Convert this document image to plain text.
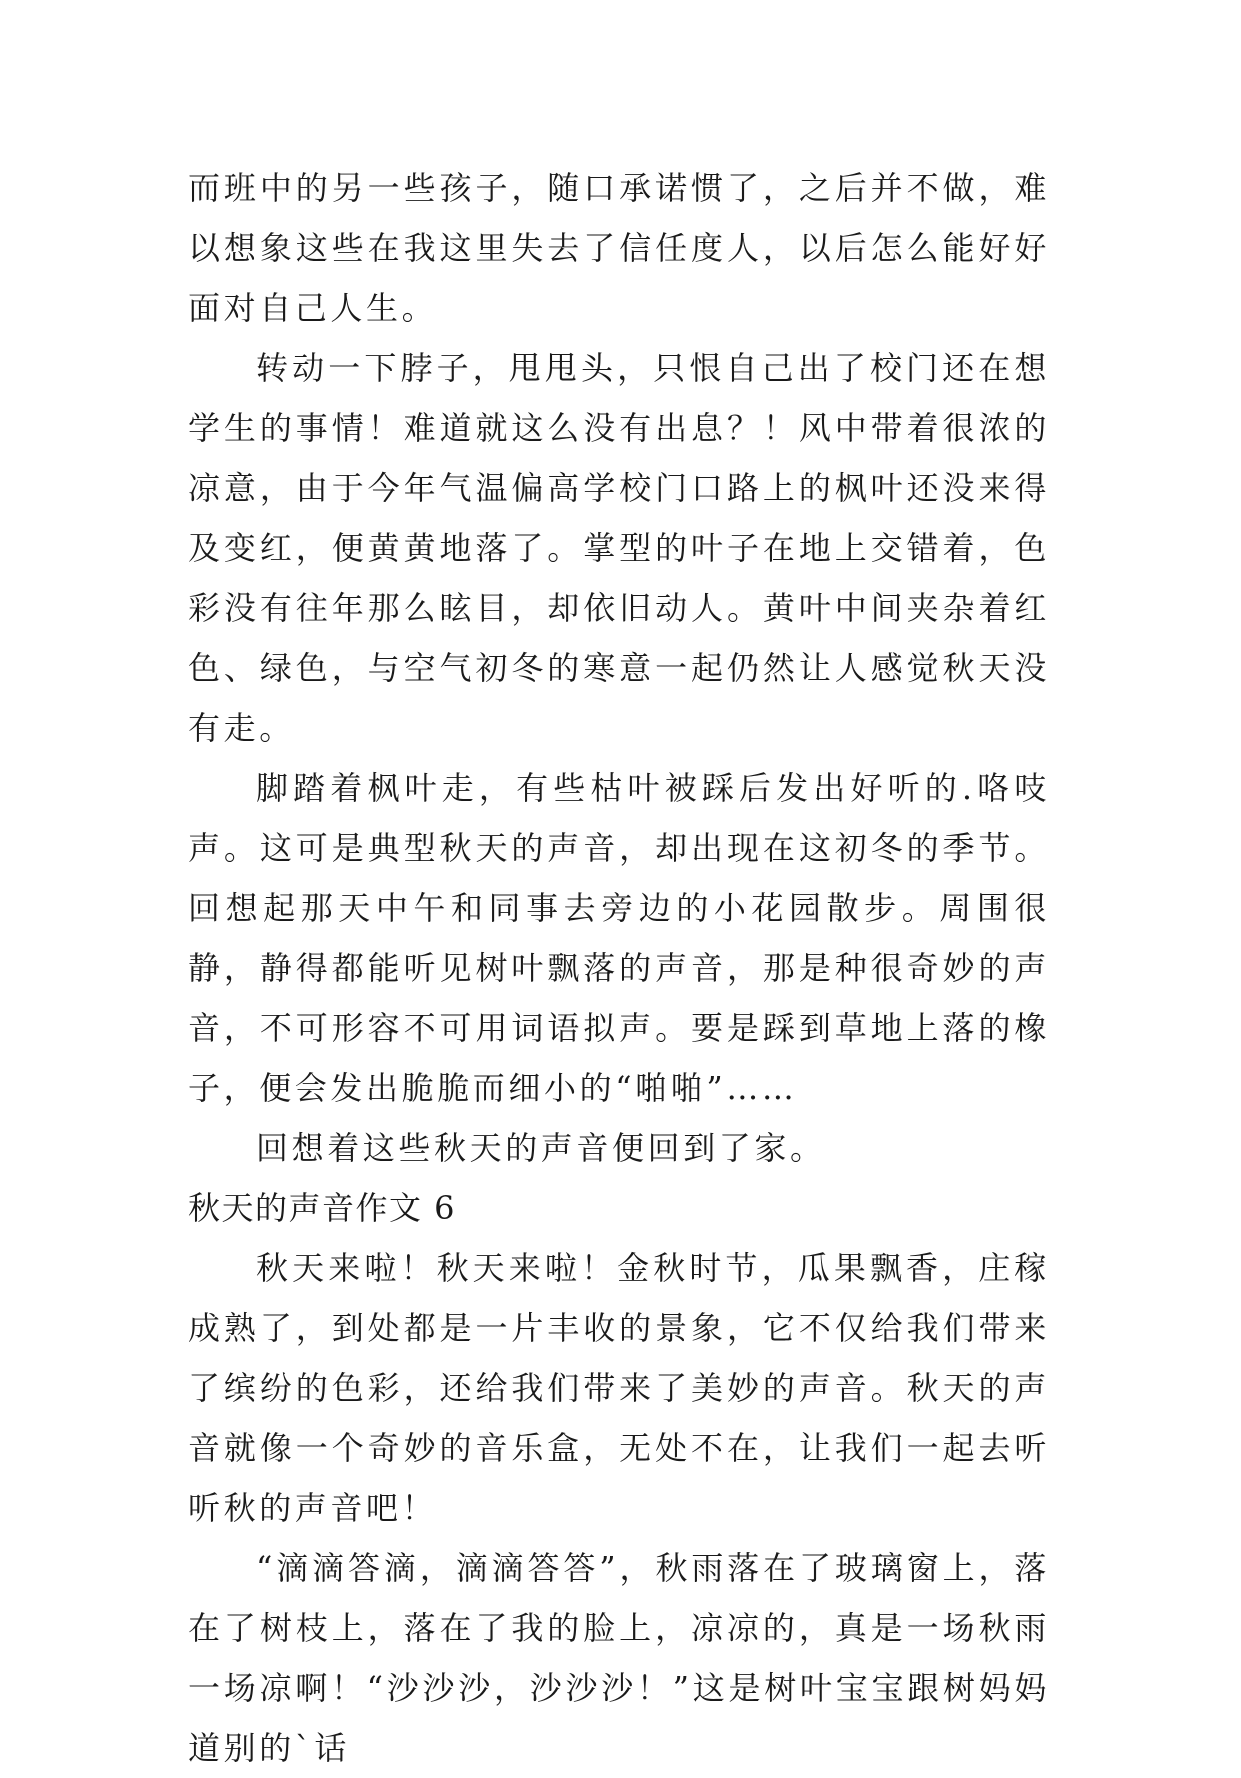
而班中的另一些孩子，随口承诺惯了，之后并不做，难以想象这些在我这里失去了信任度人，以后怎么能好好面对自己人生。

转动一下脖子，甩甩头，只恨自己出了校门还在想学生的事情！难道就这么没有出息？！风中带着很浓的凉意，由于今年气温偏高学校门口路上的枫叶还没来得及变红，便黄黄地落了。掌型的叶子在地上交错着，色彩没有往年那么眩目，却依旧动人。黄叶中间夹杂着红色、绿色，与空气初冬的寒意一起仍然让人感觉秋天没有走。

脚踏着枫叶走，有些枯叶被踩后发出好听的.咯吱声。这可是典型秋天的声音，却出现在这初冬的季节。回想起那天中午和同事去旁边的小花园散步。周围很静，静得都能听见树叶飘落的声音，那是种很奇妙的声音，不可形容不可用词语拟声。要是踩到草地上落的橡子，便会发出脆脆而细小的“啪啪”……

回想着这些秋天的声音便回到了家。

秋天的声音作文 6

秋天来啦！秋天来啦！金秋时节，瓜果飘香，庄稼成熟了，到处都是一片丰收的景象，它不仅给我们带来了缤纷的色彩，还给我们带来了美妙的声音。秋天的声音就像一个奇妙的音乐盒，无处不在，让我们一起去听听秋的声音吧！

“滴滴答滴，滴滴答答”，秋雨落在了玻璃窗上，落在了树枝上，落在了我的脸上，凉凉的，真是一场秋雨一场凉啊！“沙沙沙，沙沙沙！”这是树叶宝宝跟树妈妈道别的`话
